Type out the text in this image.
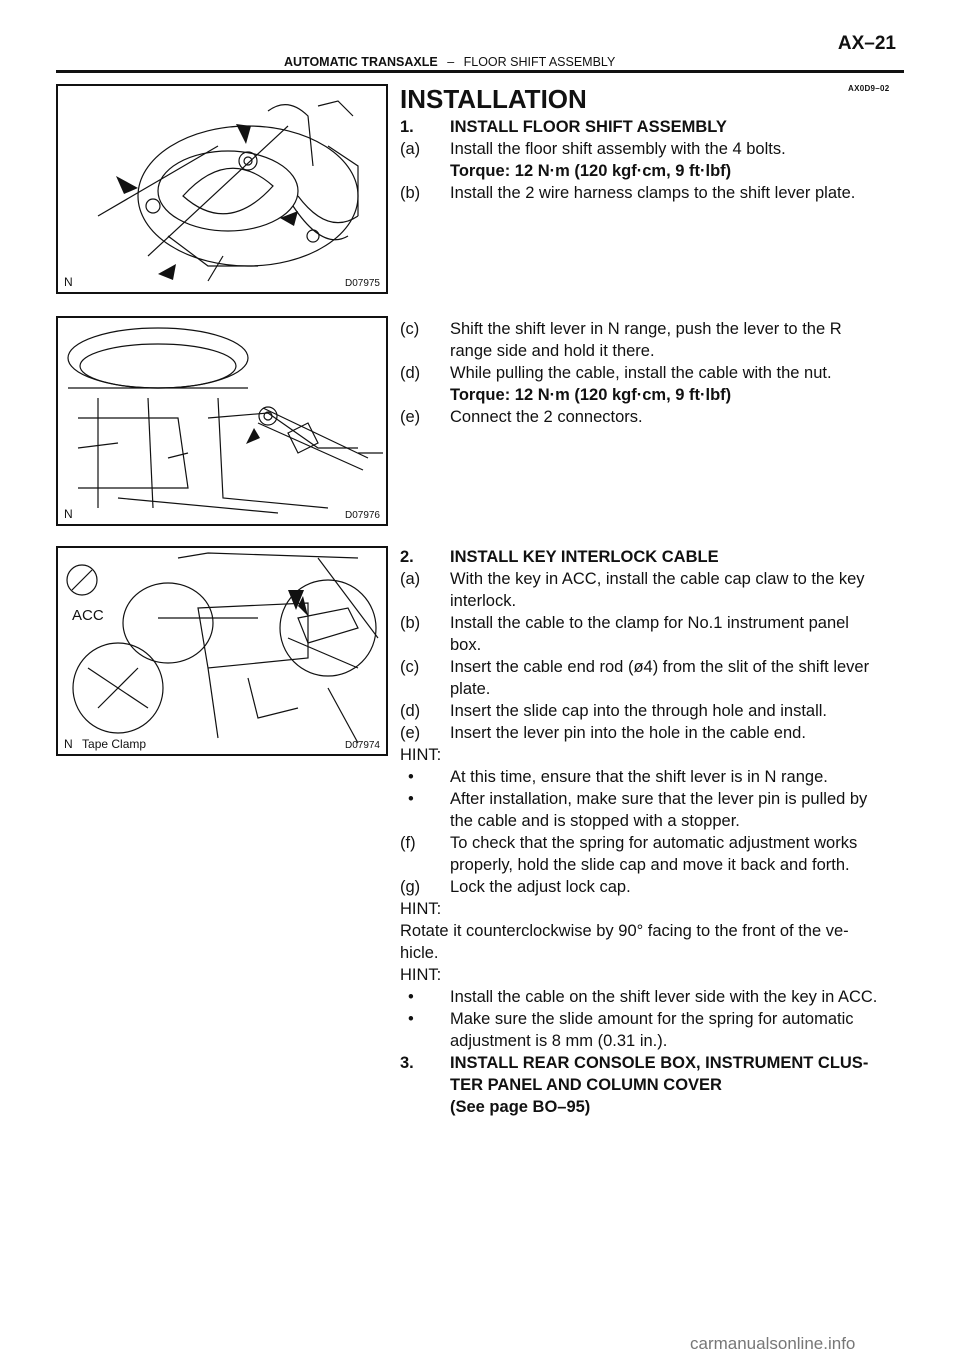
AX–21
AUTOMATIC TRANSAXLE – FLOOR SHIFT ASSEMBLY
AX0D9–02
INSTALLATION
N	D07975
N	D07976
ACC
N Tape Clamp	D07974
1. INSTALL FLOOR SHIFT ASSEMBLY
(a) Install the floor shift assembly with the 4 bolts.
Torque: 12 N·m (120 kgf·cm, 9 ft·lbf)
(b) Install the 2 wire harness clamps to the shift lever plate.
(c) Shift the shift lever in N range, push the lever to the R
range side and hold it there.
(d) While pulling the cable, install the cable with the nut.
Torque: 12 N·m (120 kgf·cm, 9 ft·lbf)
(e) Connect the 2 connectors.
2. INSTALL KEY INTERLOCK CABLE
(a) With the key in ACC, install the cable cap claw to the key
interlock.
(b) Install the cable to the clamp for No.1 instrument panel
box.
(c) Insert the cable end rod (ø4) from the slit of the shift lever
plate.
(d) Insert the slide cap into the through hole and install.
(e) Insert the lever pin into the hole in the cable end.
HINT:
• At this time, ensure that the shift lever is in N range.
• After installation, make sure that the lever pin is pulled by
the cable and is stopped with a stopper.
(f) To check that the spring for automatic adjustment works
properly, hold the slide cap and move it back and forth.
(g) Lock the adjust lock cap.
HINT:
Rotate it counterclockwise by 90° facing to the front of the ve-
hicle.
HINT:
• Install the cable on the shift lever side with the key in ACC.
• Make sure the slide amount for the spring for automatic
adjustment is 8 mm (0.31 in.).
3. INSTALL REAR CONSOLE BOX, INSTRUMENT CLUS-
TER PANEL AND COLUMN COVER
(See page BO–95)
carmanualsonline.info
